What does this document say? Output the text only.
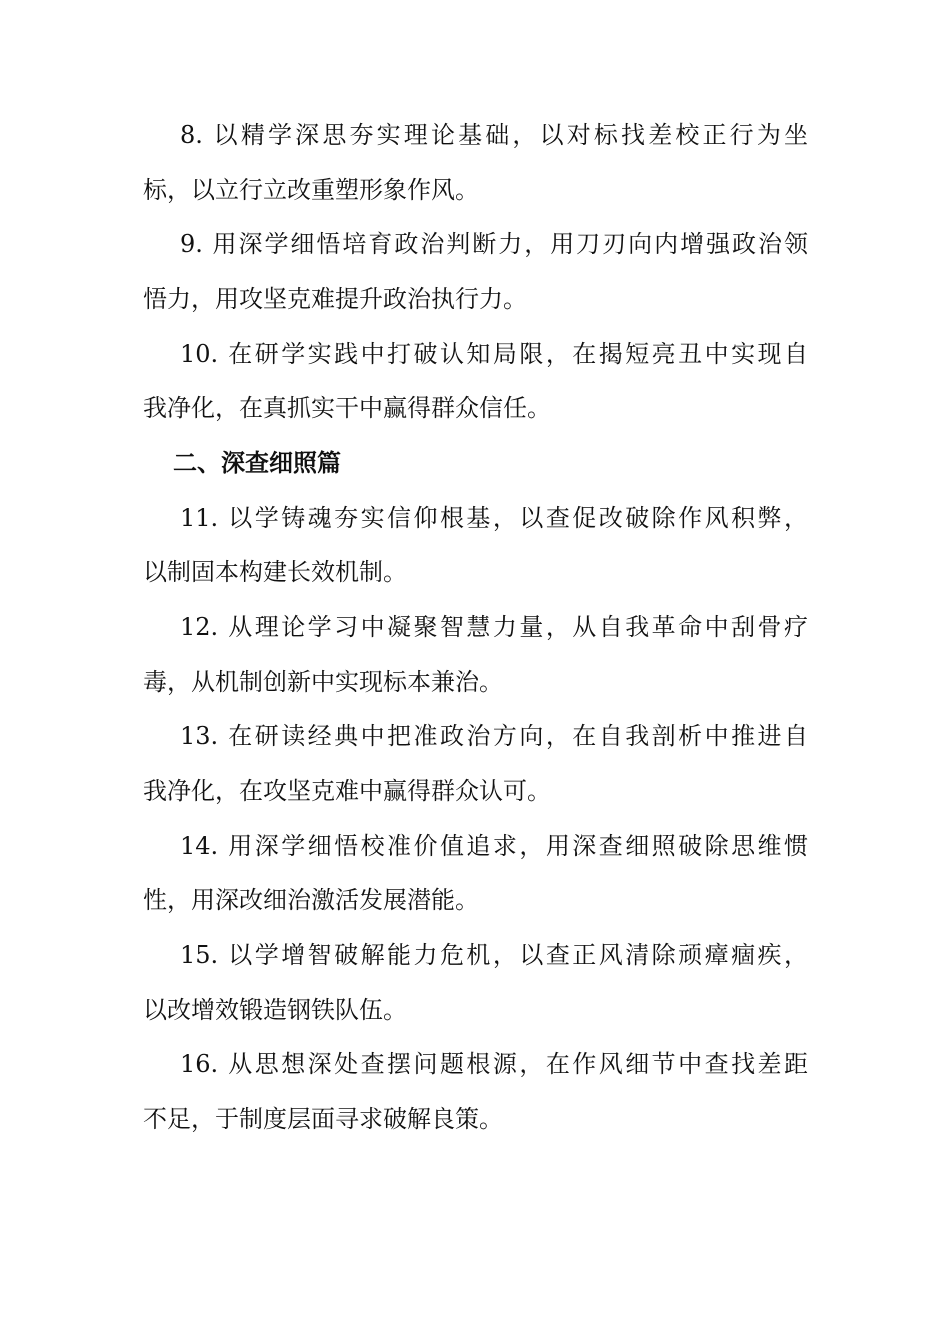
8. 以精学深思夯实理论基础，以对标找差校正行为坐
标，以立行立改重塑形象作风。
9. 用深学细悟培育政治判断力，用刀刃向内增强政治领
悟力，用攻坚克难提升政治执行力。
10. 在研学实践中打破认知局限，在揭短亮丑中实现自
我净化，在真抓实干中赢得群众信任。
二、深查细照篇
11. 以学铸魂夯实信仰根基，以查促改破除作风积弊，
以制固本构建长效机制。
12. 从理论学习中凝聚智慧力量，从自我革命中刮骨疗
毒，从机制创新中实现标本兼治。
13. 在研读经典中把准政治方向，在自我剖析中推进自
我净化，在攻坚克难中赢得群众认可。
14. 用深学细悟校准价值追求，用深查细照破除思维惯
性，用深改细治激活发展潜能。
15. 以学增智破解能力危机，以查正风清除顽瘴痼疾，
以改增效锻造钢铁队伍。
16. 从思想深处查摆问题根源，在作风细节中查找差距
不足，于制度层面寻求破解良策。
